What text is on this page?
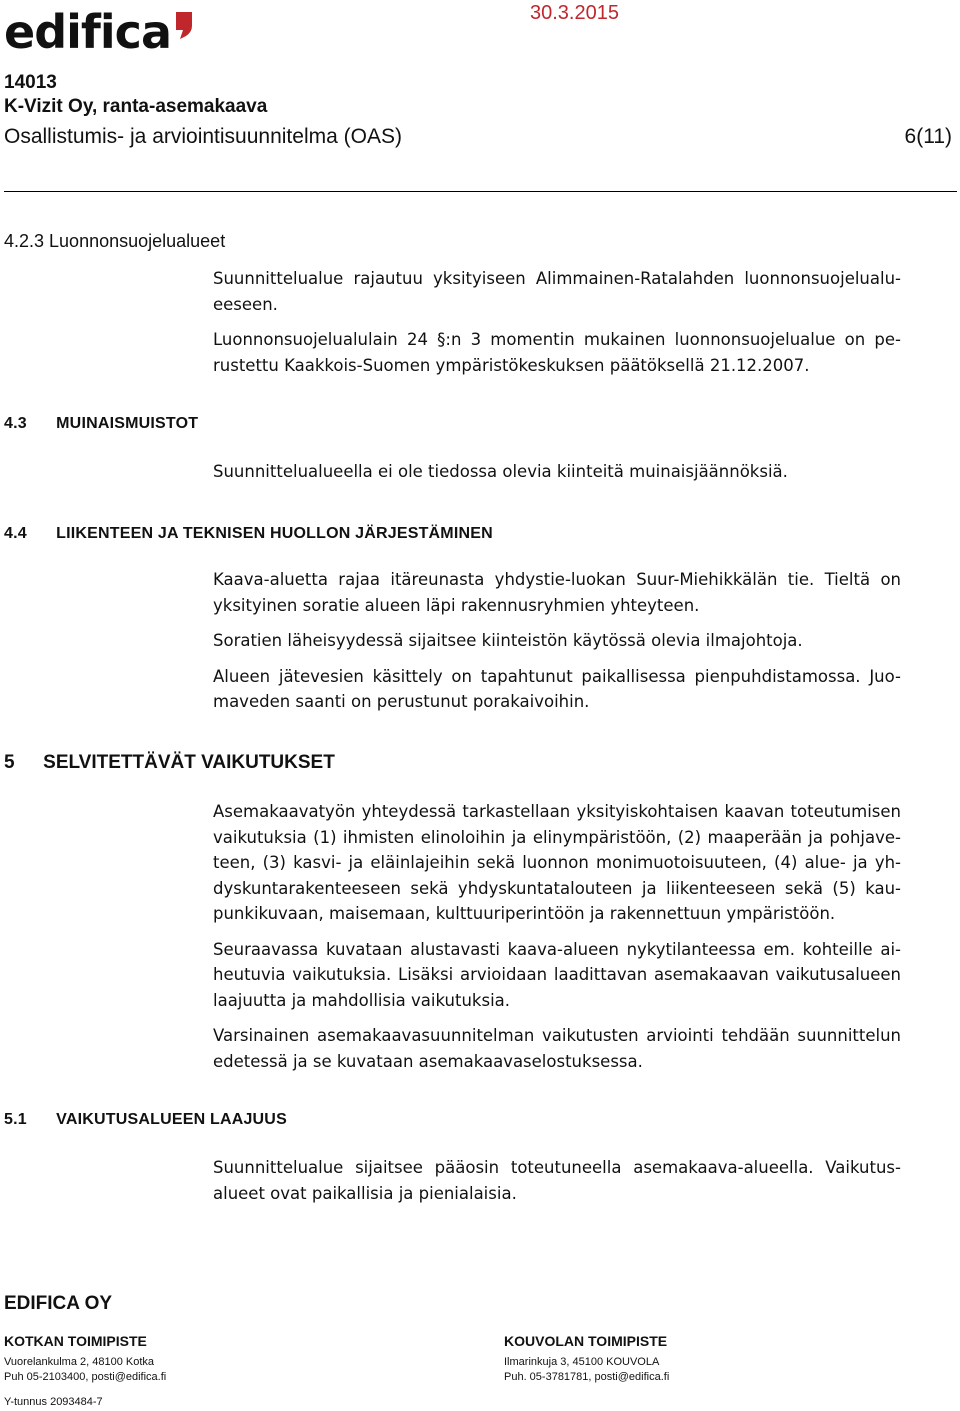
edifica	30.3.2015
14013
K-Vizit Oy, ranta-asemakaava
Osallistumis- ja arviointisuunnitelma (OAS)	6(11)
4.2.3 Luonnonsuojelualueet
Suunnittelualue rajautuu yksityiseen Alimmainen-Ratalahden luonnonsuojelualu-
eeseen.
Luonnonsuojelualulain 24 §:n 3 momentin mukainen luonnonsuojelualue on pe-
rustettu Kaakkois-Suomen ympäristökeskuksen päätöksellä 21.12.2007.
4.3 MUINAISMUISTOT
Suunnittelualueella ei ole tiedossa olevia kiinteitä muinaisjäännöksiä.
4.4 LIIKENTEEN JA TEKNISEN HUOLLON JÄRJESTÄMINEN
Kaava-aluetta rajaa itäreunasta yhdystie-luokan Suur-Miehikkälän tie. Tieltä on
yksityinen soratie alueen läpi rakennusryhmien yhteyteen.
Soratien läheisyydessä sijaitsee kiinteistön käytössä olevia ilmajohtoja.
Alueen jätevesien käsittely on tapahtunut paikallisessa pienpuhdistamossa. Juo-
maveden saanti on perustunut porakaivoihin.
5 SELVITETTÄVÄT VAIKUTUKSET
Asemakaavatyön yhteydessä tarkastellaan yksityiskohtaisen kaavan toteutumisen
vaikutuksia (1) ihmisten elinoloihin ja elinympäristöön, (2) maaperään ja pohjave-
teen, (3) kasvi- ja eläinlajeihin sekä luonnon monimuotoisuuteen, (4) alue- ja yh-
dyskuntarakenteeseen sekä yhdyskuntatalouteen ja liikenteeseen sekä (5) kau-
punkikuvaan, maisemaan, kulttuuriperintöön ja rakennettuun ympäristöön.
Seuraavassa kuvataan alustavasti kaava-alueen nykytilanteessa em. kohteille ai-
heutuvia vaikutuksia. Lisäksi arvioidaan laadittavan asemakaavan vaikutusalueen
laajuutta ja mahdollisia vaikutuksia.
Varsinainen asemakaavasuunnitelman vaikutusten arviointi tehdään suunnittelun
edetessä ja se kuvataan asemakaavaselostuksessa.
5.1 VAIKUTUSALUEEN LAAJUUS
Suunnittelualue sijaitsee pääosin toteutuneella asemakaava-alueella. Vaikutus-
alueet ovat paikallisia ja pienialaisia.
EDIFICA OY
KOTKAN TOIMIPISTE
Vuorelankulma 2, 48100 Kotka
Puh 05-2103400, posti@edifica.fi
KOUVOLAN TOIMIPISTE
Ilmarinkuja 3, 45100 KOUVOLA
Puh. 05-3781781, posti@edifica.fi
Y-tunnus 2093484-7
